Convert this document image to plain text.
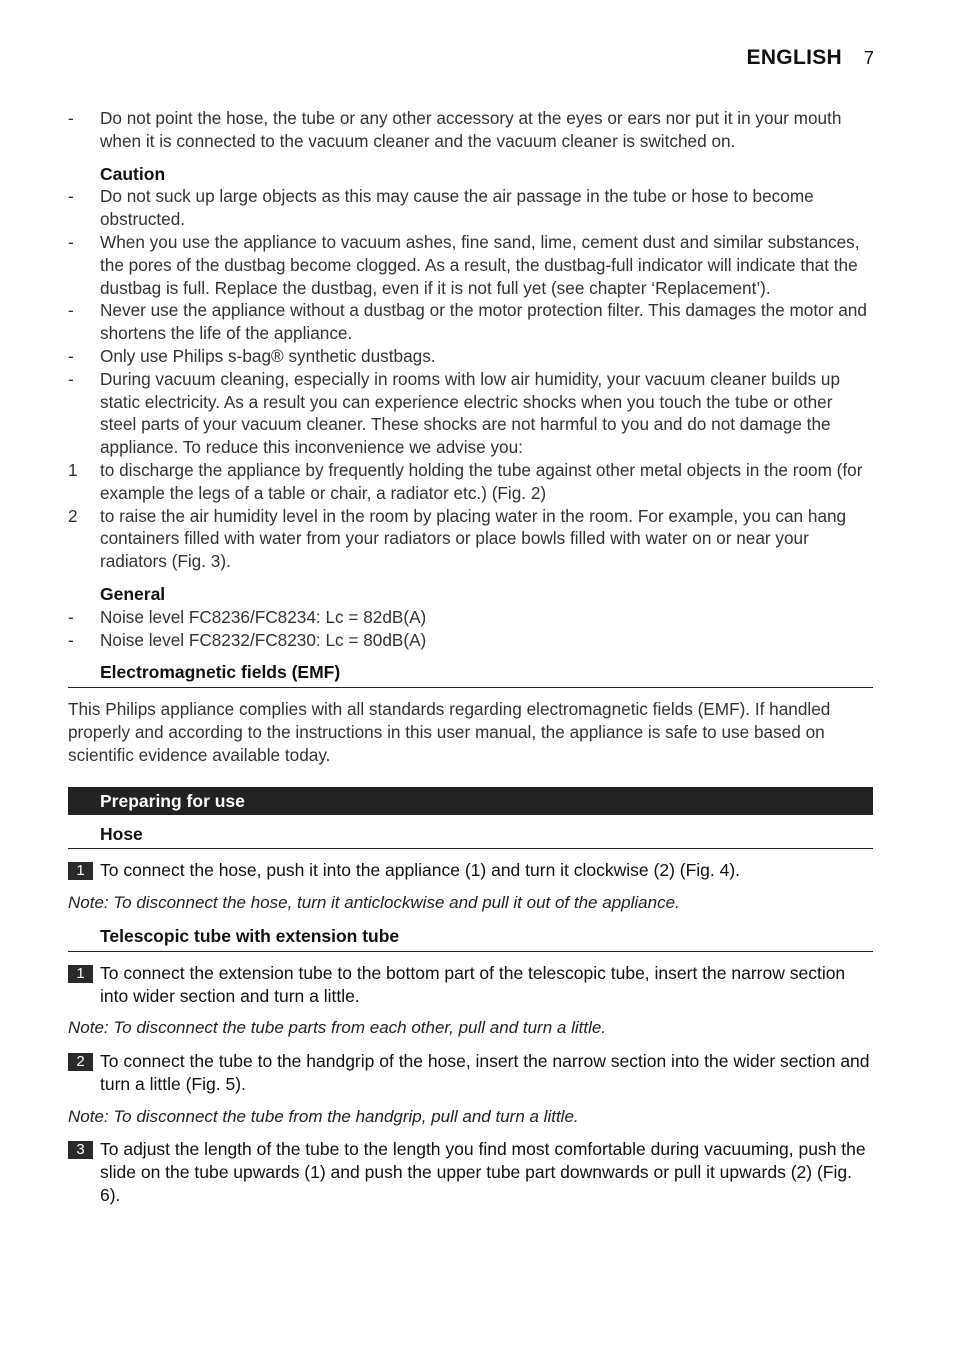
ENGLISH 7
- Do not point the hose, the tube or any other accessory at the eyes or ears nor put it in your mouth when it is connected to the vacuum cleaner and the vacuum cleaner is switched on.
Caution
- Do not suck up large objects as this may cause the air passage in the tube or hose to become obstructed.
- When you use the appliance to vacuum ashes, fine sand, lime, cement dust and similar substances, the pores of the dustbag become clogged. As a result, the dustbag-full indicator will indicate that the dustbag is full. Replace the dustbag, even if it is not full yet (see chapter ‘Replacement’).
- Never use the appliance without a dustbag or the motor protection filter. This damages the motor and shortens the life of the appliance.
- Only use Philips s-bag® synthetic dustbags.
- During vacuum cleaning, especially in rooms with low air humidity, your vacuum cleaner builds up static electricity. As a result you can experience electric shocks when you touch the tube or other steel parts of your vacuum cleaner. These shocks are not harmful to you and do not damage the appliance. To reduce this inconvenience we advise you:
1 to discharge the appliance by frequently holding the tube against other metal objects in the room (for example the legs of a table or chair, a radiator etc.) (Fig. 2)
2 to raise the air humidity level in the room by placing water in the room. For example, you can hang containers filled with water from your radiators or place bowls filled with water on or near your radiators (Fig. 3).
General
- Noise level FC8236/FC8234: Lc = 82dB(A)
- Noise level FC8232/FC8230: Lc = 80dB(A)
Electromagnetic fields (EMF)
This Philips appliance complies with all standards regarding electromagnetic fields (EMF). If handled properly and according to the instructions in this user manual, the appliance is safe to use based on scientific evidence available today.
Preparing for use
Hose
1 To connect the hose, push it into the appliance (1) and turn it clockwise (2) (Fig. 4).
Note: To disconnect the hose, turn it anticlockwise and pull it out of the appliance.
Telescopic tube with extension tube
1 To connect the extension tube to the bottom part of the telescopic tube, insert the narrow section into wider section and turn a little.
Note: To disconnect the tube parts from each other, pull and turn a little.
2 To connect the tube to the handgrip of the hose, insert the narrow section into the wider section and turn a little (Fig. 5).
Note: To disconnect the tube from the handgrip, pull and turn a little.
3 To adjust the length of the tube to the length you find most comfortable during vacuuming, push the slide on the tube upwards (1) and push the upper tube part downwards or pull it upwards (2) (Fig. 6).
